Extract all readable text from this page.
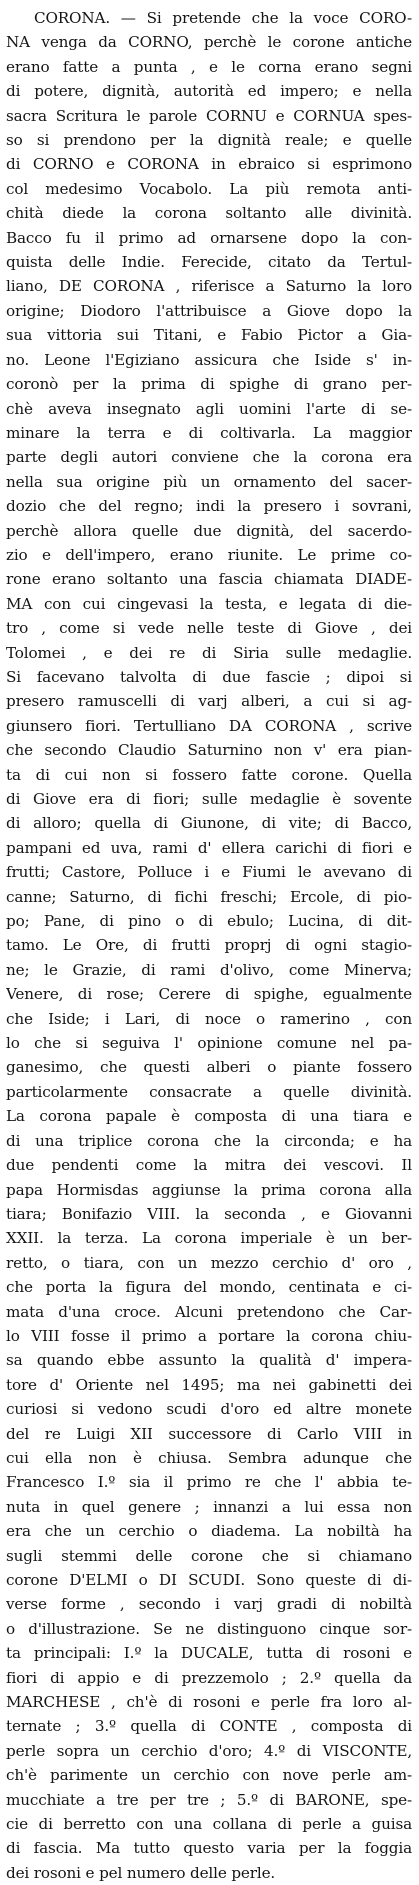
CORONA. — Si pretende che la voce CORO-
NA venga da CORNO, perchè le corone antiche
erano fatte a punta , e le corna erano segni
di potere, dignità, autorità ed impero; e nella
sacra Scritura le parole CORNU e CORNUA spes-
so si prendono per la dignità reale; e quelle
di CORNO e CORONA in ebraico si esprimono
col medesimo Vocabolo. La più remota anti-
chità diede la corona soltanto alle divinità.
Bacco fu il primo ad ornarsene dopo la con-
quista delle Indie. Ferecide, citato da Tertul-
liano, DE CORONA , riferisce a Saturno la loro
origine; Diodoro l'attribuisce a Giove dopo la
sua vittoria sui Titani, e Fabio Pictor a Gia-
no. Leone l'Egiziano assicura che Iside s' in-
coronò per la prima di spighe di grano per-
chè aveva insegnato agli uomini l'arte di se-
minare la terra e di coltivarla. La maggior
parte degli autori conviene che la corona era
nella sua origine più un ornamento del sacer-
dozio che del regno; indi la presero i sovrani,
perchè allora quelle due dignità, del sacerdo-
zio e dell'impero, erano riunite. Le prime co-
rone erano soltanto una fascia chiamata DIADE-
MA con cui cingevasi la testa, e legata di die-
tro , come si vede nelle teste di Giove , dei
Tolomei , e dei re di Siria sulle medaglie.
Si facevano talvolta di due fascie ; dipoi si
presero ramuscelli di varj alberi, a cui si ag-
giunsero fiori. Tertulliano DA CORONA , scrive
che secondo Claudio Saturnino non v' era pian-
ta di cui non si fossero fatte corone. Quella
di Giove era di fiori; sulle medaglie è sovente
di alloro; quella di Giunone, di vite; di Bacco,
pampani ed uva, rami d' ellera carichi di fiori e
frutti; Castore, Polluce i e Fiumi le avevano di
canne; Saturno, di fichi freschi; Ercole, di pio-
po; Pane, di pino o di ebulo; Lucina, di dit-
tamo. Le Ore, di frutti proprj di ogni stagio-
ne; le Grazie, di rami d'olivo, come Minerva;
Venere, di rose; Cerere di spighe, egualmente
che Iside; i Lari, di noce o ramerino , con
lo che si seguiva l' opinione comune nel pa-
ganesimo, che questi alberi o piante fossero
particolarmente consacrate a quelle divinità.
La corona papale è composta di una tiara e
di una triplice corona che la circonda; e ha
due pendenti come la mitra dei vescovi. Il
papa Hormisdas aggiunse la prima corona alla
tiara; Bonifazio VIII. la seconda , e Giovanni
XXII. la terza. La corona imperiale è un ber-
retto, o tiara, con un mezzo cerchio d' oro ,
che porta la figura del mondo, centinata e ci-
mata d'una croce. Alcuni pretendono che Car-
lo VIII fosse il primo a portare la corona chiu-
sa quando ebbe assunto la qualità d' impera-
tore d' Oriente nel 1495; ma nei gabinetti dei
curiosi si vedono scudi d'oro ed altre monete
del re Luigi XII successore di Carlo VIII in
cui ella non è chiusa. Sembra adunque che
Francesco I.º sia il primo re che l' abbia te-
nuta in quel genere ; innanzi a lui essa non
era che un cerchio o diadema. La nobiltà ha
sugli stemmi delle corone che si chiamano
corone D'ELMI o DI SCUDI. Sono queste di di-
verse forme , secondo i varj gradi di nobiltà
o d'illustrazione. Se ne distinguono cinque sor-
ta principali: I.º la DUCALE, tutta di rosoni e
fiori di appio e di prezzemolo ; 2.º quella da
MARCHESE , ch'è di rosoni e perle fra loro al-
ternate ; 3.º quella di CONTE , composta di
perle sopra un cerchio d'oro; 4.º di VISCONTE,
ch'è parimente un cerchio con nove perle am-
mucchiate a tre per tre ; 5.º di BARONE, spe-
cie di berretto con una collana di perle a guisa
di fascia. Ma tutto questo varia per la foggia
dei rosoni e pel numero delle perle.
